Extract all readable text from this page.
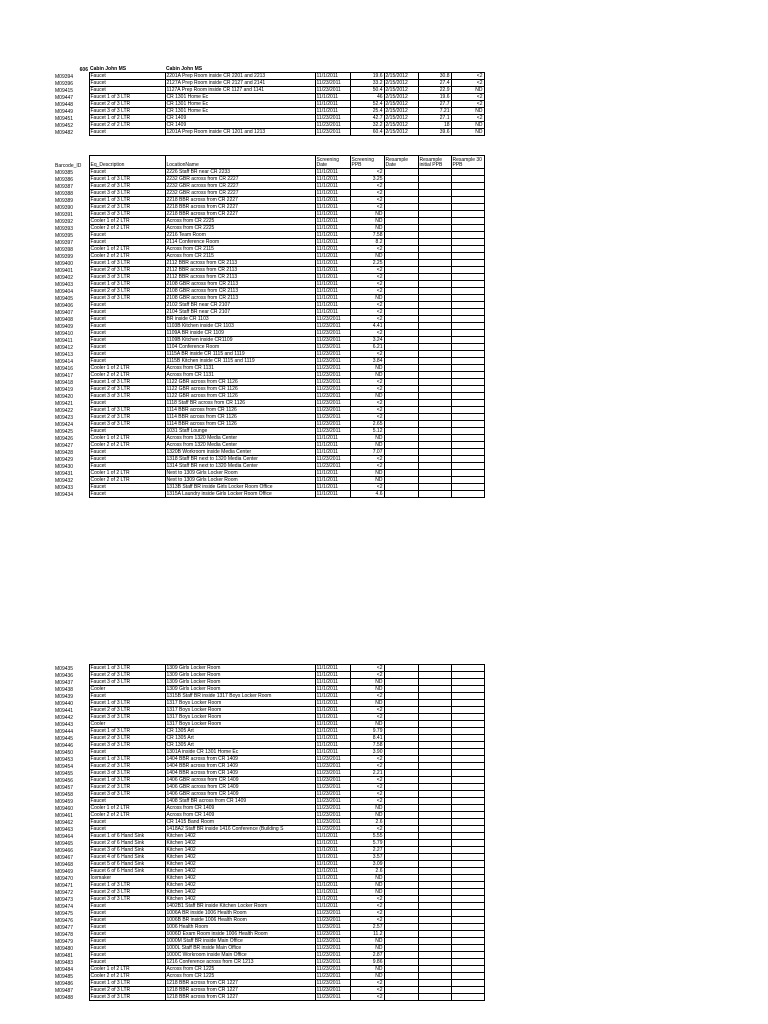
606	Cabin John MS	Cabin John MS					
M09394	Faucet	2201A Prep Room inside CR 2201 and 2213	11/1/2011	19.6	2/15/2012	30.8	<2
M09396	Faucet	2127A Prep Room inside CR 2127 and 2141	11/23/2011	33.2	2/15/2012	27.4	<2
M09415	Faucet	1127A Prep Room inside CR 1127 and 1141	11/23/2011	50.4	2/15/2012	22.9	ND
M09447	Faucet 1 of 3 LTR	CR 1301 Home Ec	11/1/2011	46	2/15/2012	19.6	<2
M09448	Faucet 2 of 3 LTR	CR 1301 Home Ec	11/1/2011	52.4	2/15/2012	27.7	<2
M09449	Faucet 3 of 3 LTR	CR 1301 Home Ec	11/1/2011	25.4	2/15/2012	7.21	ND
M09451	Faucet 1 of 2 LTR	CR 1409	11/23/2011	42.7	2/15/2012	27.1	<2
M09452	Faucet 2 of 2 LTR	CR 1409	11/23/2011	32.2	2/15/2012	18	ND
M09482	Faucet	1201A Prep Room inside CR 1201 and 1213	11/23/2011	60.4	2/15/2012	39.6	ND
Barcode_ID	Eq_Description	LocationName	Screening Date	Screening PPB	Resample Date	Resample initial PPB	Resample 30 PPB
M09385	Faucet	2226 Staff BR near CR 2233	11/1/2011	<2			
M09386	Faucet 1 of 3 LTR	2232 GBR across from CR 2227	11/1/2011	3.25			
M09387	Faucet 2 of 3 LTR	2232 GBR across from CR 2227	11/1/2011	<2			
M09388	Faucet 3 of 3 LTR	2232 GBR across from CR 2227	11/1/2011	<2			
M09389	Faucet 1 of 3 LTR	2218 BBR across from CR 2227	11/1/2011	<2			
M09390	Faucet 2 of 3 LTR	2218 BBR across from CR 2227	11/1/2011	<2			
M09391	Faucet 3 of 3 LTR	2218 BBR across from CR 2227	11/1/2011	ND			
M09392	Cooler 1 of 2 LTR	Across from CR 2225	11/1/2011	ND			
M09393	Cooler 2 of 2 LTR	Across from CR 2225	11/1/2011	ND			
M09395	Faucet	2216 Team Room	11/1/2011	7.58			
M09397	Faucet	2114 Conference Room	11/1/2011	8.2			
M09398	Cooler 1 of 2 LTR	Across from CR 2115	11/1/2011	<2			
M09399	Cooler 2 of 2 LTR	Across from CR 2115	11/1/2011	ND			
M09400	Faucet 1 of 3 LTR	2112 BBR across from CR 2113	11/1/2011	2.25			
M09401	Faucet 2 of 3 LTR	2112 BBR across from CR 2113	11/1/2011	<2			
M09402	Faucet 3 of 3 LTR	2112 BBR across from CR 2113	11/1/2011	<2			
M09403	Faucet 1 of 3 LTR	2108 GBR across from CR 2113	11/1/2011	<2			
M09404	Faucet 2 of 3 LTR	2108 GBR across from CR 2113	11/1/2011	<2			
M09405	Faucet 3 of 3 LTR	2108 GBR across from CR 2113	11/1/2011	ND			
M09406	Faucet	2102 Staff BR near CR 2107	11/1/2011	<2			
M09407	Faucet	2104 Staff BR near CR 2107	11/1/2011	<2			
M09408	Faucet	BR inside CR 1103	11/23/2011	<2			
M09409	Faucet	1103B Kitchen inside CR 1103	11/23/2011	4.41			
M09410	Faucet	1109A BR inside CR 1109	11/23/2011	<2			
M09411	Faucet	1109B Kitchen inside CR1109	11/23/2011	3.24			
M09412	Faucet	1104 Conference Room	11/23/2011	6.21			
M09413	Faucet	1115A BR inside CR 1115 and 1119	11/23/2011	<2			
M09414	Faucet	1115B Kitchen inside CR 1115 and 1119	11/23/2011	3.84			
M09416	Cooler 1 of 2 LTR	Across from CR 1131	11/23/2011	ND			
M09417	Cooler 2 of 2 LTR	Across from CR 1131	11/23/2011	ND			
M09418	Faucet 1 of 3 LTR	1122 GBR across from CR 1126	11/23/2011	<2			
M09419	Faucet 2 of 3 LTR	1122 GBR across from CR 1126	11/23/2011	<2			
M09420	Faucet 3 of 3 LTR	1122 GBR across from CR 1126	11/23/2011	ND			
M09421	Faucet	1118 Staff BR across from CR 1126	11/23/2011	<2			
M09422	Faucet 1 of 3 LTR	1114 BBR across from CR 1126	11/23/2011	<2			
M09423	Faucet 2 of 3 LTR	1114 BBR across from CR 1126	11/23/2011	<2			
M09424	Faucet 3 of 3 LTR	1114 BBR across from CR 1126	11/23/2011	2.65			
M09425	Faucet	1031 Staff Lounge	11/23/2011	5.12			
M09426	Cooler 1 of 2 LTR	Across from 1320 Media Center	11/1/2011	ND			
M09427	Cooler 2 of 2 LTR	Across from 1320 Media Center	11/1/2011	ND			
M09428	Faucet	1320B Workroom inside Media Center	11/1/2011	7.07			
M09429	Faucet	1318 Staff BR next to 1320 Media Center	11/23/2011	<2			
M09430	Faucet	1314 Staff BR next to 1320 Media Center	11/23/2011	<2			
M09431	Cooler 1 of 2 LTR	Next to 1309 Girls Locker Room	11/1/2011	ND			
M09432	Cooler 2 of 2 LTR	Next to 1309 Girls Locker Room	11/1/2011	ND			
M09433	Faucet	1313B Staff BR inside Girls Locker Room Office	11/1/2011	<2			
M09434	Faucet	1315A Laundry inside Girls Locker Room Office	11/1/2011	4.6			
M09435	Faucet 1 of 3 LTR	1309 Girls Locker Room	11/1/2011	<2			
M09436	Faucet 2 of 3 LTR	1309 Girls Locker Room	11/1/2011	<2			
M09437	Faucet 3 of 3 LTR	1309 Girls Locker Room	11/1/2011	ND			
M09438	Cooler	1309 Girls Locker Room	11/1/2011	ND			
M09439	Faucet	1315B Staff BR inside 1317 Boys Locker Room	11/1/2011	<2			
M09440	Faucet 1 of 3 LTR	1317 Boys Locker Room	11/1/2011	ND			
M09441	Faucet 2 of 3 LTR	1317 Boys Locker Room	11/1/2011	<2			
M09442	Faucet 3 of 3 LTR	1317 Boys Locker Room	11/1/2011	<2			
M09443	Cooler	1317 Boys Locker Room	11/1/2011	ND			
M09444	Faucet 1 of 3 LTR	CR 1305 Art	11/1/2011	9.79			
M09445	Faucet 2 of 3 LTR	CR 1305 Art	11/1/2011	8.41			
M09446	Faucet 3 of 3 LTR	CR 1305 Art	11/1/2011	7.58			
M09450	Faucet	1301A inside CR 1301 Home Ec	11/1/2011	3.90			
M09453	Faucet 1 of 3 LTR	1404 BBR across from CR 1409	11/23/2011	<2			
M09454	Faucet 2 of 3 LTR	1404 BBR across from CR 1409	11/23/2011	<2			
M09455	Faucet 3 of 3 LTR	1404 BBR across from CR 1409	11/23/2011	2.21			
M09456	Faucet 1 of 3 LTR	1406 GBR across from CR 1409	11/23/2011	<2			
M09457	Faucet 2 of 3 LTR	1406 GBR across from CR 1409	11/23/2011	<2			
M09458	Faucet 3 of 3 LTR	1406 GBR across from CR 1409	11/23/2011	<2			
M09459	Faucet	1408 Staff BR across from CR 1409	11/23/2011	<2			
M09460	Cooler 1 of 2 LTR	Across from CR 1409	11/23/2011	ND			
M09461	Cooler 2 of 2 LTR	Across from CR 1409	11/23/2011	ND			
M09462	Faucet	CR 1415 Band Room	11/23/2011	2.6			
M09463	Faucet	1418A2 Staff BR inside 1416 Conference (Building S	11/23/2011	<2			
M09464	Faucet 1 of 6 Hand Sink	Kitchen 1402	11/1/2011	5.55			
M09465	Faucet 2 of 6 Hand Sink	Kitchen 1402	11/1/2011	5.79			
M09466	Faucet 3 of 6 Hand Sink	Kitchen 1402	11/1/2011	2.27			
M09467	Faucet 4 of 6 Hand Sink	Kitchen 1402	11/1/2011	3.57			
M09468	Faucet 5 of 6 Hand Sink	Kitchen 1402	11/1/2011	3.09			
M09469	Faucet 6 of 6 Hand Sink	Kitchen 1402	11/1/2011	2.6			
M09470	Icemaker	Kitchen 1402	11/1/2011	ND			
M09471	Faucet 1 of 3 LTR	Kitchen 1402	11/1/2011	ND			
M09472	Faucet 2 of 3 LTR	Kitchen 1402	11/1/2011	ND			
M09473	Faucet 3 of 3 LTR	Kitchen 1402	11/1/2011	<2			
M09474	Faucet	1402B1 Staff BR inside Kitchen Locker Room	11/1/2011	<2			
M09475	Faucet	1006A BR inside 1006 Health Room	11/23/2011	<2			
M09476	Faucet	1006B BR inside 1006 Health Room	11/23/2011	<2			
M09477	Faucet	1006 Health Room	11/23/2011	2.57			
M09478	Faucet	1006D Exam Room inside 1006 Health Room	11/23/2011	11.2			
M09479	Faucet	1000M Staff BR inside Main Office	11/23/2011	ND			
M09480	Faucet	1000L Staff BR inside Main Office	11/23/2011	ND			
M09481	Faucet	1000C Workroom inside Main Office	11/23/2011	2.87			
M09483	Faucet	1216 Conference across from CR 1213	11/23/2011	9.86			
M09484	Cooler 1 of 2 LTR	Across from CR 1225	11/23/2011	ND			
M09485	Cooler 2 of 2 LTR	Across from CR 1225	11/23/2011	ND			
M09486	Faucet 1 of 3 LTR	1218 BBR across from CR 1227	11/23/2011	<2			
M09487	Faucet 2 of 3 LTR	1218 BBR across from CR 1227	11/23/2011	<2			
M09488	Faucet 3 of 3 LTR	1218 BBR across from CR 1227	11/23/2011	<2			
